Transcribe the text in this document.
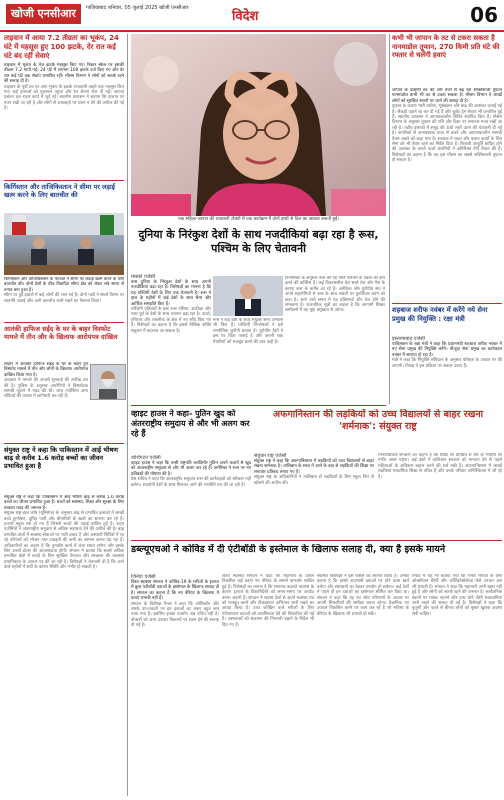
खोजी एनसीआर	गाज़ियाबाद शनिवार, 05 जुलाई 2025 खोजी एनसीआर
विदेश	06
ताइवान में आया 7.2 तीव्रता का भूकंप, 24 घंटे में महसूस हुए 100 झटके, देर रात कई घंटे बंद रहीं सेवाएं
ताइवान में भूकंप के तेज झटके महसूस किए गए। रिक्टर स्केल पर इसकी तीव्रता 7.2 मापी गई। 24 घंटे में लगभग 100 झटके दर्ज किए गए और देर रात कई घंटे तक सेवाएं प्रभावित रहीं। मौसम विभाग ने लोगों को सतर्क रहने की सलाह दी है।
ताइवान के पूर्वी तट पर आए भूकंप के झटके राजधानी ताइपे तक महसूस किए गए। कई इमारतों को नुकसान पहुंचा और रेल सेवाएं रोक दी गईं। आपदा प्रबंधन दल राहत कार्य में जुटे रहे। स्थानीय प्रशासन ने बताया कि हालात पर नजर रखी जा रही है और लोगों से अफवाहों पर ध्यान न देने की अपील की गई है।
किर्गिस्तान और ताजिकिस्तान ने सीमा पर लड़ाई खत्म करने के लिए बातचीत की
किर्गिस्तान और ताजिकिस्तान के नेताओं ने सीमा पर लड़ाई खत्म करने के लिए बातचीत की। दोनों देशों के बीच विवादित सीमा क्षेत्र को लेकर लंबे समय से तनाव बना हुआ है।
सीमा पर हुई झड़पों में कई लोगों की जान गई है। दोनों पक्षों ने संघर्ष विराम पर सहमति जताई और आगे बातचीत जारी रखने का फैसला किया।
आतंकी हाफिज सईद के घर के बाहर विस्फोट मामले में तीन और के खिलाफ आरोपपत्र दाखिल
लाहौर में आतंकी हाफिज सईद के घर के बाहर हुए विस्फोट मामले में तीन और लोगों के खिलाफ आरोपपत्र दाखिल किया गया है।
अदालत ने मामले की अगली सुनवाई की तारीख तय की है। पुलिस के अनुसार आरोपियों ने विस्फोटक सामग्री जुटाने में मदद की थी। जांच एजेंसियां अन्य संदिग्धों की तलाश में छापेमारी कर रही हैं।
संयुक्त राष्ट्र ने कहा कि पाकिस्तान में आई भीषण बाढ़ से करीब 1.6 करोड़ बच्चों का जीवन प्रभावित हुआ है
संयुक्त राष्ट्र ने कहा कि पाकिस्तान में आई भीषण बाढ़ से करीब 1.6 करोड़ बच्चों का जीवन प्रभावित हुआ है। बच्चों को स्वास्थ्य, शिक्षा और सुरक्षा के लिए तत्काल मदद की जरूरत है।
संयुक्त राष्ट्र बाल कोष (यूनिसेफ) के अनुसार बाढ़ से प्रभावित इलाकों में लाखों बच्चे कुपोषण, दूषित पानी और बीमारियों के खतरे का सामना कर रहे हैं। हजारों स्कूल नष्ट हो गए हैं जिससे बच्चों की पढ़ाई बाधित हुई है। राहत एजेंसियों ने अंतरराष्ट्रीय समुदाय से अधिक सहायता देने की अपील की है। बाढ़ प्रभावित प्रांतों में स्वास्थ्य सेवाओं पर भारी दबाव है और अस्थायी शिविरों में रह रहे परिवारों को भोजन तथा दवाइयों की कमी का सामना करना पड़ रहा है। अधिकारियों का कहना है कि पुनर्वास कार्य में लंबा समय लगेगा और इसके लिए अरबों डॉलर की आवश्यकता होगी। संगठन ने बताया कि सबसे अधिक प्रभावित क्षेत्रों में बच्चों के लिए सुरक्षित पेयजल और स्वच्छता की व्यवस्था प्राथमिकता के आधार पर की जा रही है। विशेषज्ञों ने चेतावनी दी है कि आने वाले महीनों में सर्दी के कारण स्थिति और गंभीर हो सकती है।
एक महिला जापान की राजधानी टोक्यो में एक कार्यक्रम में दोनों हाथों से दिल का आकार बनाती हुई।
दुनिया के निरंकुश देशों के साथ नजदीकियां बढ़ा रहा है रूस, पश्चिम के लिए चेतावनी
मास्को एजेंसी
रूस दुनिया के निरंकुश देशों के साथ अपनी नजदीकियां बढ़ा रहा है। विशेषज्ञों का मानना है कि यह पश्चिमी देशों के लिए एक चेतावनी है। रूस ने हाल के महीनों में कई देशों के साथ सैन्य और आर्थिक समझौते किए हैं।
पश्चिमी प्रतिबंधों के बाद रूस एशिया, अफ्रीका और मध्य पूर्व के देशों के साथ व्यापार बढ़ा रहा है। ऊर्जा, हथियार और तकनीक के क्षेत्र में नए सौदे किए गए हैं। विशेषज्ञों का कहना है कि इससे वैश्विक शक्ति संतुलन में बदलाव आ सकता है।
रूस ने कई देशों के साथ संयुक्त सैन्य अभ्यास भी किए हैं। पश्चिमी विश्लेषकों ने इसे रणनीतिक चुनौती बताया है। यूरोपीय देशों ने इस पर चिंता जताई है और अपनी रक्षा तैयारियों को मजबूत करने की बात कही है।
विश्लेषकों के अनुसार रूस की यह नीति पश्चिम के दबाव को कम करने की कोशिश है। कई विकासशील देश सस्ते तेल और गैस के कारण रूस के करीब आ रहे हैं। अमेरिका और यूरोपीय संघ ने अपने सहयोगियों से रूस के साथ संबंधों पर पुनर्विचार करने को कहा है। आने वाले समय में यह प्रतिस्पर्धा और तेज होने की संभावना है। राजनयिक सूत्रों का कहना है कि आगामी शिखर सम्मेलनों में यह मुद्दा प्रमुखता से उठेगा।
व्हाइट हाउस ने कहा- पुतिन खुद को अंतरराष्ट्रीय समुदाय से और भी अलग कर रहे हैं
वाशिंगटन एजेंसी
व्हाइट हाउस ने कहा कि रूसी राष्ट्रपति व्लादिमीर पुतिन अपने कदमों से खुद को अंतरराष्ट्रीय समुदाय से और भी अलग कर रहे हैं। अमेरिका ने रूस पर नए प्रतिबंधों की घोषणा की है।
प्रेस सचिव ने कहा कि अंतरराष्ट्रीय समुदाय रूस की कार्रवाइयों को स्वीकार नहीं करेगा। सहयोगी देशों के साथ मिलकर आगे की रणनीति तय की जा रही है।
अफगानिस्तान की लड़कियों को उच्च विद्यालयों से बाहर रखना 'शर्मनाक': संयुक्त राष्ट्र
संयुक्त राष्ट्र एजेंसी
संयुक्त राष्ट्र ने कहा कि अफगानिस्तान में लड़कियों को उच्च विद्यालयों से बाहर रखना शर्मनाक है। तालिबान के सत्ता में आने के बाद से लड़कियों की शिक्षा पर लगातार प्रतिबंध लगाए गए हैं।
संयुक्त राष्ट्र के अधिकारियों ने तालिबान से लड़कियों के लिए स्कूल फिर से खोलने की अपील की।
मानवाधिकार संगठनों का कहना है कि शिक्षा पर प्रतिबंध से देश के भविष्य पर गंभीर असर पड़ेगा। कई देशों ने तालिबान सरकार को मान्यता देने से पहले महिलाओं के अधिकार बहाल करने की शर्त रखी है। अफगानिस्तान में लाखों लड़कियां माध्यमिक शिक्षा से वंचित हैं और उनके परिवार अनिश्चितता में जी रहे हैं।
कभी भी जापान के तट से टकरा सकता है नानमाडोल तूफान, 270 किमी प्रति घंटे की रफ्तार से चलेंगी हवाएं
जापान के दक्षिणी तट की ओर तेजी से बढ़ रहा शक्तिशाली तूफान नानमाडोल कभी भी तट से टकरा सकता है। मौसम विभाग ने लाखों लोगों को सुरक्षित स्थानों पर जाने की सलाह दी है।
तूफान के कारण भारी बारिश, भूस्खलन और बाढ़ की आशंका जताई गई है। सैकड़ों उड़ानें रद्द कर दी गई हैं और बुलेट ट्रेन सेवाएं भी प्रभावित हुई हैं। स्थानीय प्रशासन ने आपातकालीन शिविर स्थापित किए हैं। मौसम विभाग के अनुसार तूफान की गति और दिशा पर लगातार नजर रखी जा रही है। तटीय इलाकों में समुद्र की ऊंची लहरें उठने की चेतावनी दी गई है। नागरिकों से अनावश्यक यात्रा से बचने और आपातकालीन सामग्री तैयार रखने को कहा गया है। सरकार ने राहत और बचाव कार्यों के लिए सेना को भी तैयार रहने का निर्देश दिया है। बिजली आपूर्ति बाधित होने की आशंका के चलते ऊर्जा कंपनियों ने अतिरिक्त टीमें तैनात की हैं। विशेषज्ञों का कहना है कि यह इस मौसम का सबसे शक्तिशाली तूफान हो सकता है।
शहबाज शरीफ नवंबर में करेंगे नये सेना प्रमुख की नियुक्ति : रक्षा मंत्री
इस्लामाबाद एजेंसी
पाकिस्तान के रक्षा मंत्री ने कहा कि प्रधानमंत्री शहबाज शरीफ नवंबर में नए सेना प्रमुख की नियुक्ति करेंगे। मौजूदा सेना प्रमुख का कार्यकाल नवंबर में समाप्त हो रहा है।
मंत्री ने कहा कि नियुक्ति संविधान के अनुसार वरिष्ठता के आधार पर की जाएगी। विपक्ष ने इस प्रक्रिया पर सवाल उठाए हैं।
डब्ल्यूएचओ ने कोविड में दी एंटीबॉडी के इस्तेमाल के खिलाफ सलाह दी, क्या है इसके मायने
जिनेवा एजेंसी
विश्व स्वास्थ्य संगठन ने कोविड-19 के मरीजों के इलाज में कुछ एंटीबॉडी दवाओं के इस्तेमाल के खिलाफ सलाह दी है। संगठन का कहना है कि नए वेरिएंट के खिलाफ ये दवाएं प्रभावी नहीं हैं।
संगठन के विशेषज्ञ पैनल ने कहा कि ओमिक्रॉन और उसके उप-प्रकारों पर इन दवाओं का असर बहुत कम पाया गया है। इसलिए इनका उपयोग अब उचित नहीं है। डॉक्टरों को अन्य उपचार विकल्पों पर ध्यान देने की सलाह दी गई है।
विश्व स्वास्थ्य संगठन ने कहा कि महामारी के दौरान विकसित कई दवाएं नए वेरिएंट के सामने कमजोर साबित हुई हैं। विशेषज्ञों का मानना है कि लगातार बदलते वायरस के कारण इलाज के दिशानिर्देशों को समय-समय पर अपडेट करना जरूरी है। संगठन ने सदस्य देशों से अपने स्वास्थ्य तंत्र को मजबूत करने और टीकाकरण अभियान जारी रखने का आग्रह किया है। उच्च जोखिम वाले मरीजों के लिए एंटीवायरल दवाओं को प्राथमिकता देने की सिफारिश की गई है। अस्पतालों को संक्रमण की निगरानी बढ़ाने के निर्देश भी दिए गए हैं।
स्वास्थ्य विशेषज्ञों ने इस फैसले का स्वागत किया है। उनका कहना है कि इससे अप्रभावी दवाओं पर होने वाला खर्च बचेगा और संसाधनों का बेहतर उपयोग हो सकेगा। कई देशों ने पहले ही इन दवाओं का इस्तेमाल सीमित कर दिया था। संगठन ने कहा कि वह नए शोध परिणामों के आधार पर अपनी सिफारिशों की समीक्षा करता रहेगा। वैज्ञानिक नए उपचार विकसित करने पर काम कर रहे हैं जो भविष्य के वेरिएंट के खिलाफ भी प्रभावी हो सकें।
रिपोर्ट में यह भी बताया गया कि गंभीर मरीजों के लिए ऑक्सीजन थेरेपी और कॉर्टिकोस्टेरॉयड जैसे उपचार अब भी प्रभावी हैं। संगठन ने कहा कि महामारी अभी खत्म नहीं हुई है और लोगों को सतर्क रहने की जरूरत है। सार्वजनिक स्थानों पर मास्क पहनने और हाथ धोने जैसी सावधानियां जारी रखने की सलाह दी गई है। विशेषज्ञों ने कहा कि बुजुर्गों और पहले से बीमार लोगों को बूस्टर खुराक अवश्य लेनी चाहिए।
